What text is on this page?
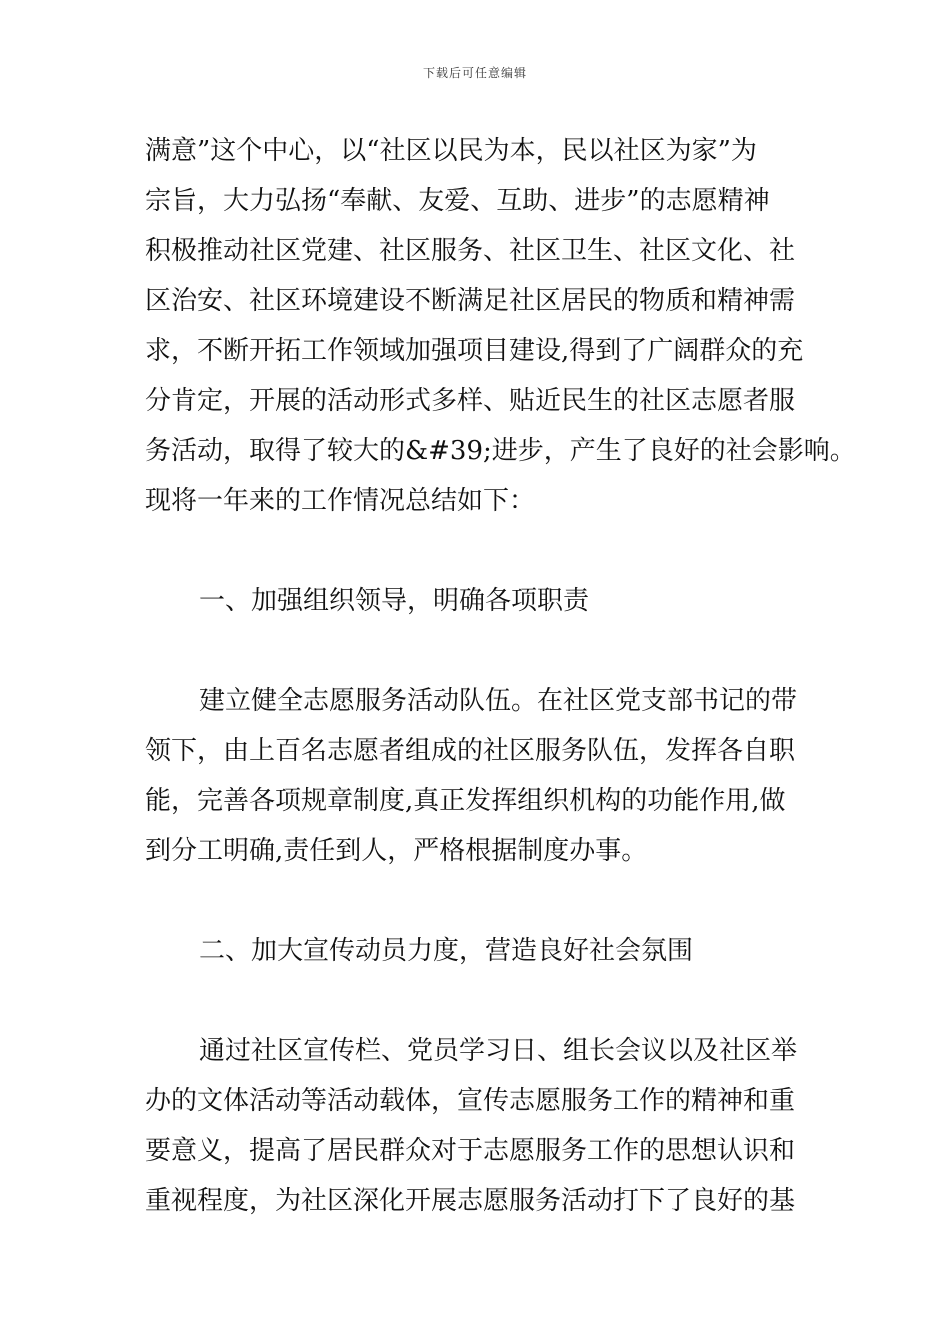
下载后可任意编辑
满意”这个中心，以“社区以民为本，民以社区为家”为
宗旨，大力弘扬“奉献、友爱、互助、进步”的志愿精神
积极推动社区党建、社区服务、社区卫生、社区文化、社
区治安、社区环境建设不断满足社区居民的物质和精神需
求，不断开拓工作领域加强项目建设,得到了广阔群众的充
分肯定，开展的活动形式多样、贴近民生的社区志愿者服
务活动，取得了较大的&#39;进步，产生了良好的社会影响。
现将一年来的工作情况总结如下：
一、加强组织领导，明确各项职责
建立健全志愿服务活动队伍。在社区党支部书记的带
领下，由上百名志愿者组成的社区服务队伍，发挥各自职
能，完善各项规章制度,真正发挥组织机构的功能作用,做
到分工明确,责任到人，严格根据制度办事。
二、加大宣传动员力度，营造良好社会氛围
通过社区宣传栏、党员学习日、组长会议以及社区举
办的文体活动等活动载体，宣传志愿服务工作的精神和重
要意义，提高了居民群众对于志愿服务工作的思想认识和
重视程度，为社区深化开展志愿服务活动打下了良好的基
